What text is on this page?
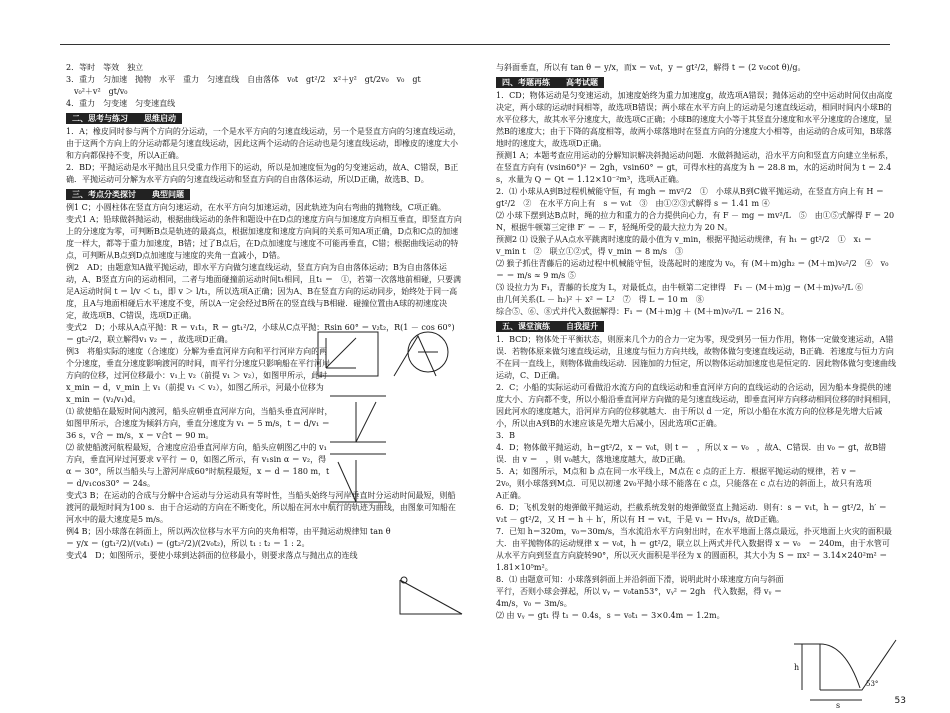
2．等时　等效　独立

3．重力　匀加速　抛物　水平　重力　匀速直线　自由落体　v₀t　gt²/2　x²＋y²　gt/2v₀　v₀　gt

　v₀²＋v²　gt/v₀

4．重力　匀变速　匀变速直线

二、思考与练习　　思维启动

1．A；橡皮同时参与两个方向的分运动，一个是水平方向的匀速直线运动，另一个是竖直方向的匀速直线运动，由于这两个方向上的分运动都是匀速直线运动，因此这两个运动的合运动也是匀速直线运动，即橡皮的速度大小和方向都保持不变，所以A正确。

2．BD；平抛运动是水平抛出且只受重力作用下的运动，所以是加速度恒为g的匀变速运动，故A、C错误，B正确．平抛运动可分解为水平方向的匀速直线运动和竖直方向的自由落体运动，所以D正确，故选B、D。

三、考点分类探讨　　典型问题

例1 C；小圆柱体在竖直方向匀速运动，在水平方向匀加速运动，因此轨迹为向右弯曲的抛物线，C项正确。

变式1 A；铅球做斜抛运动，根据曲线运动的条件和题设中在D点的速度方向与加速度方向相互垂直，即竖直方向上的分速度为零，可判断B点是轨迹的最高点，根据加速度和速度方向间的关系可知A项正确，D点和C点的加速度一样大，都等于重力加速度，B错；过了B点后，在D点加速度与速度不可能再垂直，C错；根据曲线运动的特点，可判断从B点到D点加速度与速度的夹角一直减小，D错。

例2　AD；由题意知A做平抛运动，即水平方向做匀速直线运动，竖直方向为自由落体运动；B为自由落体运动，A、B竖直方向的运动相同，二者与地面碰撞前运动时间t₁相同，且t₁ ＝　①，若第一次落地前相碰，只要满足A运动时间 t ＝ l/v ＜ t₁，即 v ＞ l/t₁，所以选项A正确；因为A、B在竖直方向的运动同步，始终处于同一高度，且A与地面相碰后水平速度不变，所以A一定会经过B所在的竖直线与B相碰．碰撞位置由A球的初速度决定，故选项B、C错误，选项D正确。

变式2　D；小球从A点平抛：R ＝ v₁t₁，R ＝ gt₁²/2，小球从C点平抛：Rsin 60° ＝ v₂t₂，R(1 － cos 60°) ＝ gt₂²/2，联立解得v₁ v₂ ＝ ，故选项D正确。

例3　将船实际的速度（合速度）分解为垂直河岸方向和平行河岸方向的两个分速度，垂直分速度影响渡河的时间，而平行分速度只影响船在平行河岸方向的位移，过河位移最小：v₁上 v₂（前提 v₁ ＞ v₂），如图甲所示，此时 x_min ＝ d，v_min 上 v₁（前提 v₁ ＜ v₂），如图乙所示，河最小位移为 x_min ＝ (v₂/v₁)d。

⑴ 欲使船在最短时间内渡河，船头应朝垂直河岸方向，当船头垂直河岸时，如图甲所示，合速度为倾斜方向，垂直分速度为 v₁ ＝ 5 m/s，t ＝ d/v₁ ＝ 36 s，v合 ＝ m/s，x ＝ v合t ＝ 90 m。

⑵ 欲使船渡河航程最短，合速度应沿垂直河岸方向，船头应朝图乙中的 v₁ 方向，垂直河岸过河要求 v平行 ＝ 0，如图乙所示，有 v₁sin α ＝ v₂，得 α ＝ 30°，所以当船头与上游河岸成60°时航程最短，x ＝ d ＝ 180 m，t ＝ d/v₁cos30° ＝ 24s。

变式3 B；在运动的合成与分解中合运动与分运动具有等时性，当船头始终与河岸垂直时分运动时间最短，则船渡河的最短时间为100 s．由于合运动的方向在不断变化，所以船在河水中航行的轨迹为曲线，由图象可知船在河水中的最大速度是5 m/s。

例4 B；因小球落在斜面上，所以两次位移与水平方向的夹角相等，由平抛运动规律知 tan θ ＝ y/x ＝ (gt₁²/2)/(v₀t₁) ＝ (gt₂²/2)/(2v₀t₂)，所以 t₁ : t₂ ＝ 1 : 2。

变式4　D；如图所示，要使小球到达斜面的位移最小，则要求落点与抛出点的连线

与斜面垂直，所以有 tan θ ＝ y/x，而x ＝ v₀t，y ＝ gt²/2，解得 t ＝ (2 v₀cot θ)/g。

四、考题再练　　高考试题

1．CD；物体运动是匀变速运动，加速度始终为重力加速度g，故选项A错误；抛体运动的空中运动时间仅由高度决定，两小球的运动时间相等，故选项B错误；两小球在水平方向上的运动是匀速直线运动，相同时间内小球B的水平位移大，故其水平分速度大，故选项C正确；小球B的速度大小等于其竖直分速度和水平分速度的合速度，显然B的速度大；由于下降的高度相等，故两小球落地时在竖直方向的分速度大小相等，由运动的合成可知，B球落地时的速度大，故选项D正确。

预测1 A；本题考查应用运动的分解知识解决斜抛运动问题．水做斜抛运动，沿水平方向和竖直方向建立坐标系，在竖直方向有 (vsin60°)² ＝ 2gh，vsin60° ＝ gt，可得水柱的高度为 h ＝ 28.8 m，水的运动时间为 t ＝ 2.4 s，水量为 Q ＝ Qt ＝ 1.12×10⁻²m³，选项A正确。

2．⑴ 小球从A到B过程机械能守恒，有 mgh ＝ mv²/2　①　小球从B到C做平抛运动，在竖直方向上有 H ＝ gt²/2　②　在水平方向上有　s ＝ v₀t　③　由①②③式解得 s ＝ 1.41 m ④

⑵ 小球下摆到达B点时，绳的拉力和重力的合力提供向心力，有 F － mg ＝ mv²/L　⑤　由①⑤式解得 F ＝ 20 N，根据牛顿第三定律 F′ ＝ － F，轻绳所受的最大拉力为 20 N。

预测2 ⑴ 设猴子从A点水平跳离时速度的最小值为 v_min，根据平抛运动规律，有 h₁ ＝ gt²/2　①　x₁ ＝ v_min t　②　联立①②式，得 v_min ＝ 8 m/s　③

⑵ 猴子抓住青藤后的运动过程中机械能守恒，设荡起时的速度为 v₀，有 (M＋m)gh₂ ＝ (M＋m)v₀²/2　④　v₀ ＝ ＝ m/s ≈ 9 m/s ⑤

⑶ 设拉力为 F₁，青藤的长度为 L，对最低点，由牛顿第二定律得　F₁ － (M＋m)g ＝ (M＋m)v₀²/L ⑥

由几何关系(L － h₂)² ＋ x² ＝ L²　⑦　得 L ＝ 10 m　⑧

综合⑤、⑥、⑧式并代入数据解得：F₁ ＝ (M＋m)g ＋ (M＋m)v₀²/L ＝ 216 N。

五、课堂演练　　自我提升

1．BCD；物体处于平衡状态，则原来几个力的合力一定为零，现受到另一恒力作用，物体一定做变速运动，A错误．若物体原来做匀速直线运动，且速度与恒力方向共线，故物体做匀变速直线运动，B正确．若速度与恒力方向不在同一直线上，则物体做曲线运动．因施加的力恒定，所以物体运动加速度也是恒定的．因此物体做匀变速曲线运动，C、D正确。

2．C；小船的实际运动可看做沿水流方向的直线运动和垂直河岸方向的直线运动的合运动，因为船本身提供的速度大小、方向都不变，所以小船沿垂直河岸方向做的是匀速直线运动，即垂直河岸方向移动相同位移的时间相同，因此河水的速度越大，沿河岸方向的位移就越大．由于所以 d 一定，所以小船在水流方向的位移是先增大后减小，所以由A到B的水速应该是先增大后减小，因此选项C正确。

3．B

4．D；物体做平抛运动，h＝gt²/2，x ＝ v₀t，则 t ＝　，所以 x ＝ v₀　，故A、C错误．由 v₀ ＝ gt，故B错误．由 v ＝　，则 v₀越大，落地速度越大，故D正确。

5．A；如图所示，M点和 b 点在同一水平线上，M点在 c 点的正上方．根据平抛运动的规律，若 v ＝ 2v₀，则小球落到M点．可见以初速 2v₀平抛小球不能落在 c 点，只能落在 c 点右边的斜面上，故只有选项A正确。

6．D；飞机发射的炮弹做平抛运动，拦截系统发射的炮弹做竖直上抛运动．则有：s ＝ v₁t，h ＝ gt²/2，h′ ＝ v₂t － gt²/2，又 H ＝ h ＋ h′，所以有 H ＝ v₁t，于是 v₁ ＝ Hv₁/s，故D正确。

7．已知 h＝320m，v₀＝30m/s，当水流沿水平方向射出时，在水平地面上落点最远，扑灭地面上火灾的面积最大．由平抛物体的运动规律 x ＝ v₀t，h ＝ gt²/2，联立以上两式并代入数据得 x ＝ v₀　＝ 240m，由于水管可从水平方向到竖直方向旋转90°，所以灭火面积是半径为 x 的圆面积，其大小为 S ＝ πx² ＝ 3.14×240²m² ＝ 1.81×10⁵m²。

8．⑴ 由题意可知：小球落到斜面上并沿斜面下滑，说明此时小球速度方向与斜面平行，否则小球会弹起，所以 vᵧ ＝ v₀tan53°，vᵧ² ＝ 2gh　代入数据，得 vᵧ ＝ 4m/s，v₀ ＝ 3m/s。

⑵ 由 vᵧ ＝ gt₁ 得 t₁ ＝ 0.4s，s ＝ v₀t₁ ＝ 3×0.4m ＝ 1.2m。

h
s
53°
53
